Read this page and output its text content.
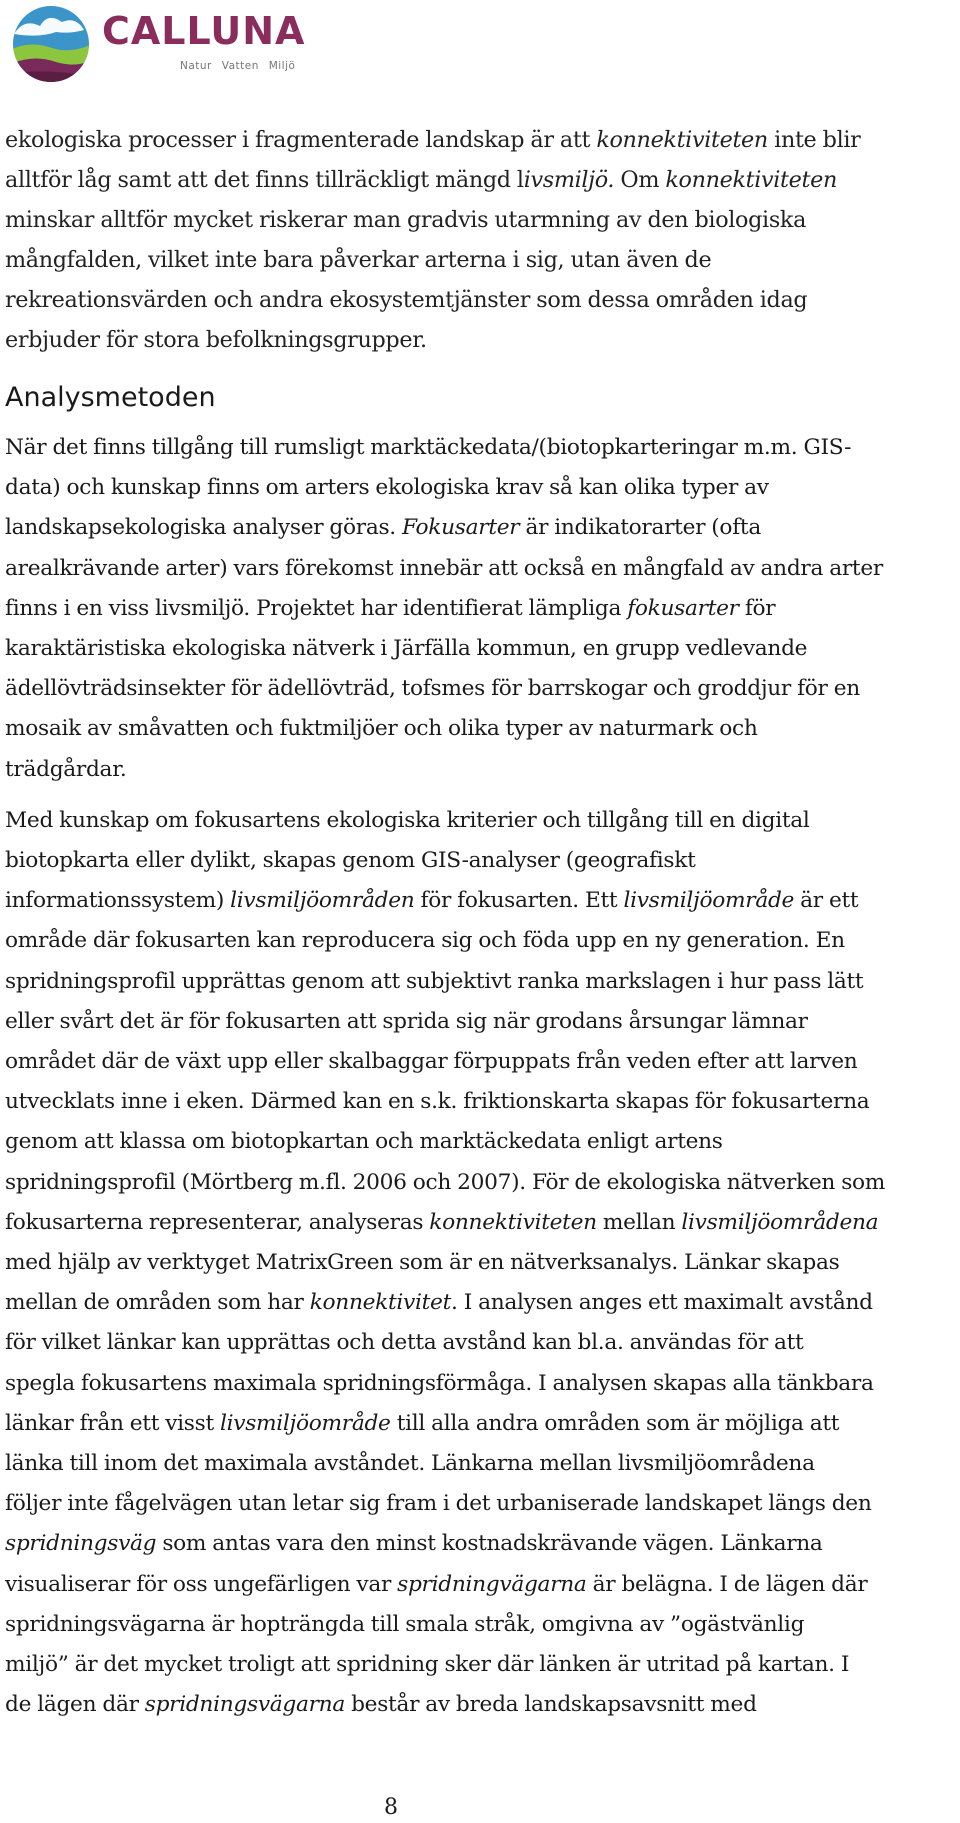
CALLUNA
Natur Vatten Miljö

ekologiska processer i fragmenterade landskap är att konnektiviteten inte blir
alltför låg samt att det finns tillräckligt mängd livsmiljö. Om konnektiviteten
minskar alltför mycket riskerar man gradvis utarmning av den biologiska
mångfalden, vilket inte bara påverkar arterna i sig, utan även de
rekreationsvärden och andra ekosystemtjänster som dessa områden idag
erbjuder för stora befolkningsgrupper.

Analysmetoden

När det finns tillgång till rumsligt marktäckedata/(biotopkarteringar m.m. GIS-
data) och kunskap finns om arters ekologiska krav så kan olika typer av
landskapsekologiska analyser göras. Fokusarter är indikatorarter (ofta
arealkrävande arter) vars förekomst innebär att också en mångfald av andra arter
finns i en viss livsmiljö. Projektet har identifierat lämpliga fokusarter för
karaktäristiska ekologiska nätverk i Järfälla kommun, en grupp vedlevande
ädellövträdsinsekter för ädellövträd, tofsmes för barrskogar och groddjur för en
mosaik av småvatten och fuktmiljöer och olika typer av naturmark och
trädgårdar.

Med kunskap om fokusartens ekologiska kriterier och tillgång till en digital
biotopkarta eller dylikt, skapas genom GIS-analyser (geografiskt
informationssystem) livsmiljöområden för fokusarten. Ett livsmiljöområde är ett
område där fokusarten kan reproducera sig och föda upp en ny generation. En
spridningsprofil upprättas genom att subjektivt ranka markslagen i hur pass lätt
eller svårt det är för fokusarten att sprida sig när grodans årsungar lämnar
området där de växt upp eller skalbaggar förpuppats från veden efter att larven
utvecklats inne i eken. Därmed kan en s.k. friktionskarta skapas för fokusarterna
genom att klassa om biotopkartan och marktäckedata enligt artens
spridningsprofil (Mörtberg m.fl. 2006 och 2007). För de ekologiska nätverken som
fokusarterna representerar, analyseras konnektiviteten mellan livsmiljöområdena
med hjälp av verktyget MatrixGreen som är en nätverksanalys. Länkar skapas
mellan de områden som har konnektivitet. I analysen anges ett maximalt avstånd
för vilket länkar kan upprättas och detta avstånd kan bl.a. användas för att
spegla fokusartens maximala spridningsförmåga. I analysen skapas alla tänkbara
länkar från ett visst livsmiljöområde till alla andra områden som är möjliga att
länka till inom det maximala avståndet. Länkarna mellan livsmiljöområdena
följer inte fågelvägen utan letar sig fram i det urbaniserade landskapet längs den
spridningsväg som antas vara den minst kostnadskrävande vägen. Länkarna
visualiserar för oss ungefärligen var spridningvägarna är belägna. I de lägen där
spridningsvägarna är hopträngda till smala stråk, omgivna av ”ogästvänlig
miljö” är det mycket troligt att spridning sker där länken är utritad på kartan. I
de lägen där spridningsvägarna består av breda landskapsavsnitt med

8
